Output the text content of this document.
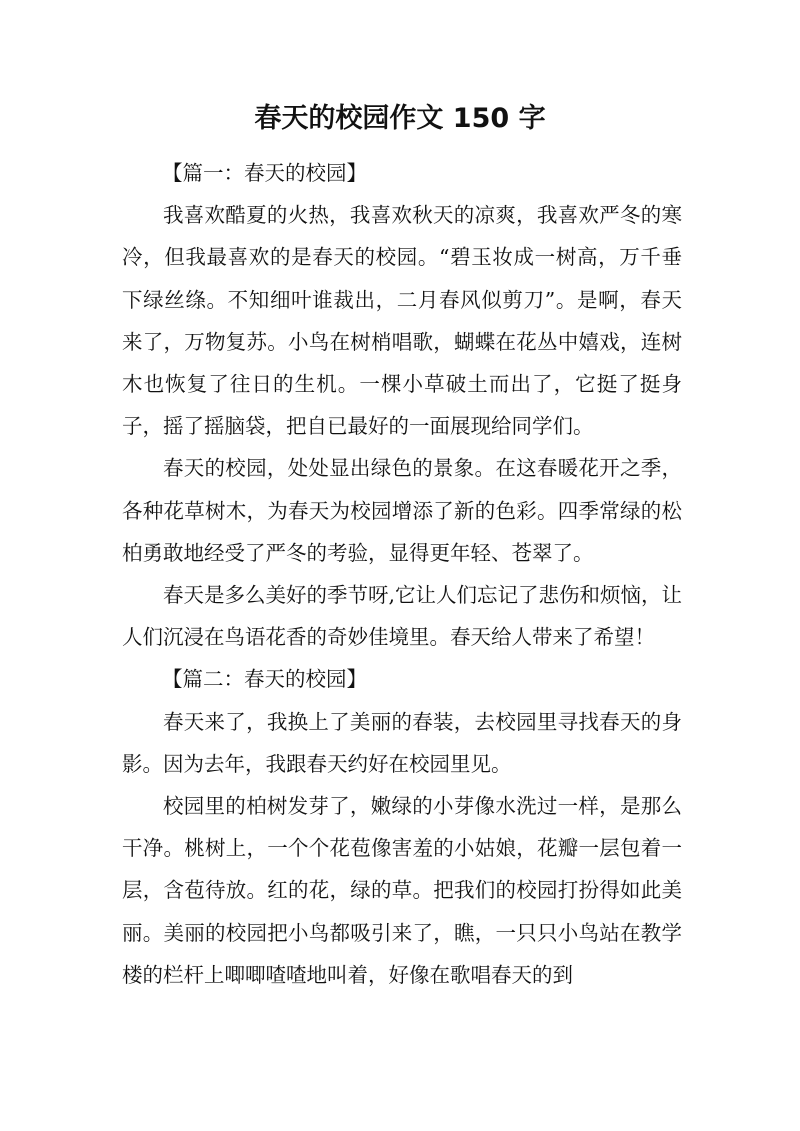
春天的校园作文 150 字
【篇一：春天的校园】

我喜欢酷夏的火热，我喜欢秋天的凉爽，我喜欢严冬的寒冷，但我最喜欢的是春天的校园。“碧玉妆成一树高，万千垂下绿丝绦。不知细叶谁裁出，二月春风似剪刀”。是啊，春天来了，万物复苏。小鸟在树梢唱歌，蝴蝶在花丛中嬉戏，连树木也恢复了往日的生机。一棵小草破土而出了，它挺了挺身子，摇了摇脑袋，把自已最好的一面展现给同学们。

春天的校园，处处显出绿色的景象。在这春暖花开之季，各种花草树木，为春天为校园增添了新的色彩。四季常绿的松柏勇敢地经受了严冬的考验，显得更年轻、苍翠了。

春天是多么美好的季节呀,它让人们忘记了悲伤和烦恼，让人们沉浸在鸟语花香的奇妙佳境里。春天给人带来了希望！

【篇二：春天的校园】

春天来了，我换上了美丽的春装，去校园里寻找春天的身影。因为去年，我跟春天约好在校园里见。

校园里的柏树发芽了，嫩绿的小芽像水洗过一样，是那么干净。桃树上，一个个花苞像害羞的小姑娘，花瓣一层包着一层，含苞待放。红的花，绿的草。把我们的校园打扮得如此美丽。美丽的校园把小鸟都吸引来了，瞧，一只只小鸟站在教学楼的栏杆上唧唧喳喳地叫着，好像在歌唱春天的到
